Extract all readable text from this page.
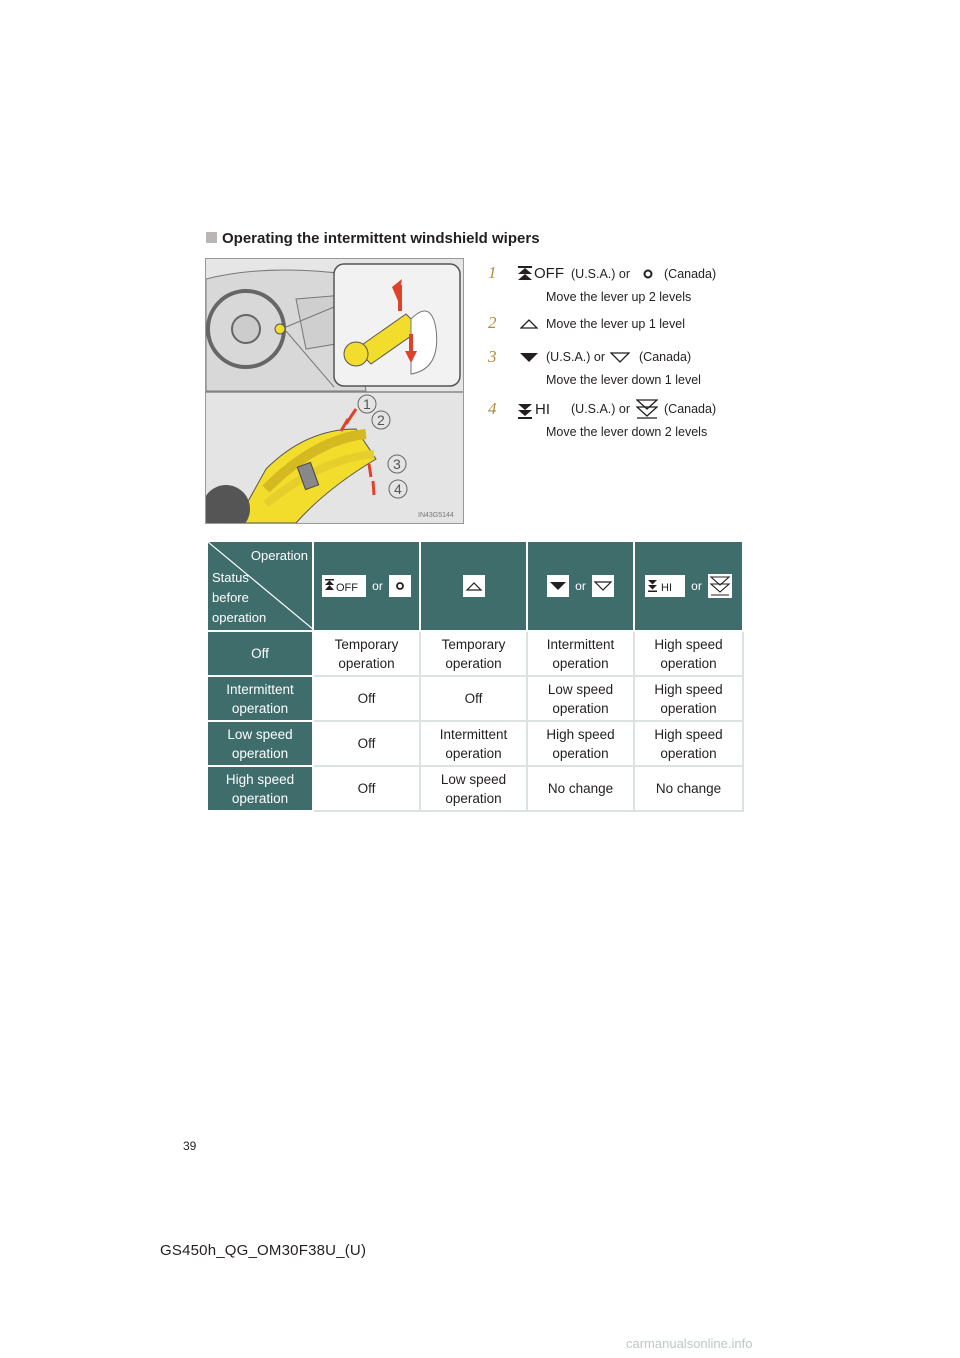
Operating the intermittent windshield wipers
1
2
3
4
IN43G5144
1	OFF (U.S.A.) or	(Canada)
Move the lever up 2 levels
2	Move the lever up 1 level
3	(U.S.A.) or	(Canada)
Move the lever down 1 level
4	HI (U.S.A.) or	(Canada)
Move the lever down 2 levels
Operation
Status
before
operation	OFF or		or	HI or

Off	Temporary operation	Temporary operation	Intermittent operation	High speed operation
Intermittent operation	Off	Off	Low speed operation	High speed operation
Low speed operation	Off	Intermittent operation	High speed operation	High speed operation
High speed operation	Off	Low speed operation	No change	No change
39
GS450h_QG_OM30F38U_(U)
carmanualsonline.info
